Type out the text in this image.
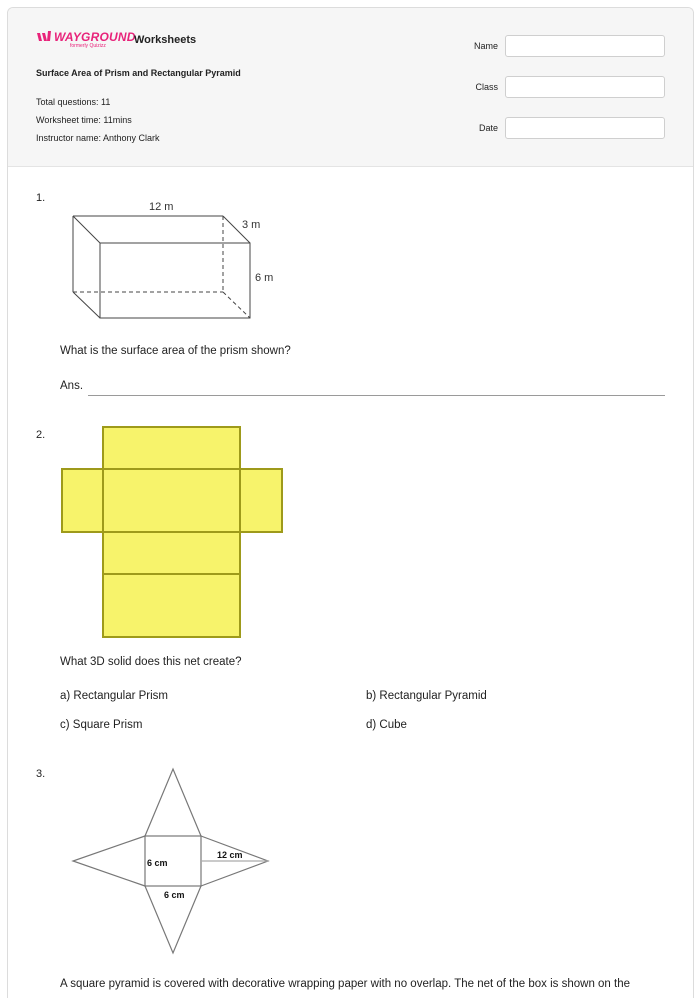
WAYGROUND
formerly Quizizz	Worksheets
Surface Area of Prism and Rectangular Pyramid
Total questions: 11
Worksheet time: 11mins
Instructor name: Anthony Clark
Name
Class
Date
1.
12 m
3 m
6 m
What is the surface area of the prism shown?
Ans.
2.
What 3D solid does this net create?
a) Rectangular Prism	b) Rectangular Pyramid
c) Square Prism	d) Cube
3.
6 cm
12 cm
6 cm
A square pyramid is covered with decorative wrapping paper with no overlap. The net of the box is shown on the
